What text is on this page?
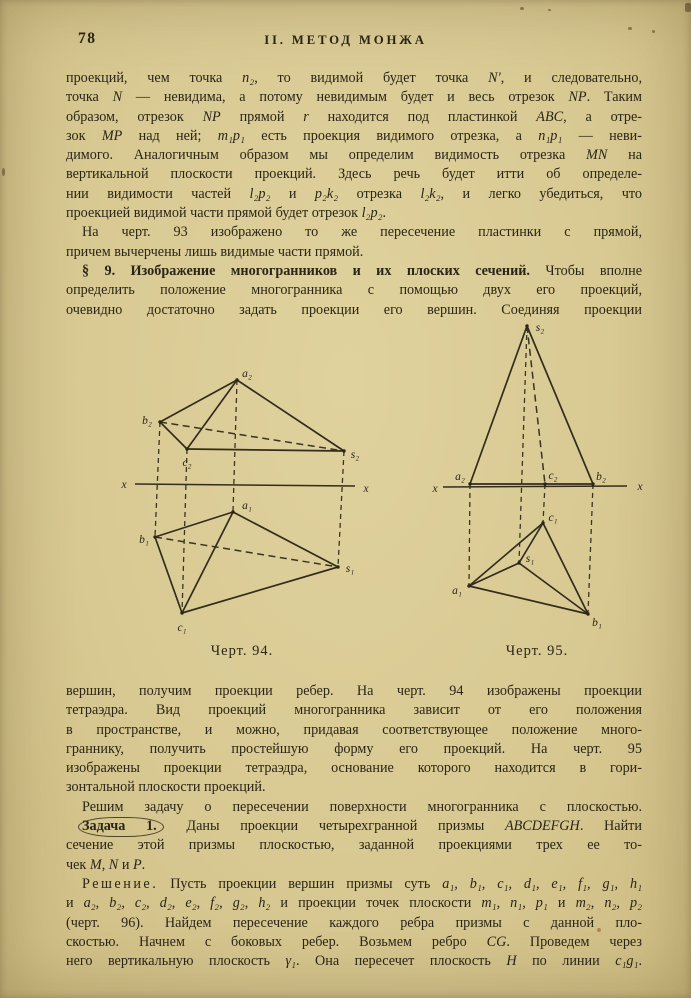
78	II. МЕТОД МОНЖА
проекций, чем точка n₂, то видимой будет точка N′, и следовательно,
точка N — невидима, а потому невидимым будет и весь отрезок NP. Таким
образом, отрезок NP прямой r находится под пластинкой ABC, а отре-
зок MP над ней; m₁p₁ есть проекция видимого отрезка, а n₁p₁ — неви-
димого. Аналогичным образом мы определим видимость отрезка MN на
вертикальной плоскости проекций. Здесь речь будет итти об определе-
нии видимости частей l₂p₂ и p₂k₂ отрезка l₂k₂, и легко убедиться, что
проекцией видимой части прямой будет отрезок l₂p₂.
На черт. 93 изображено то же пересечение пластинки с прямой,
причем вычерчены лишь видимые части прямой.
§ 9. Изображение многогранников и их плоских сечений. Чтобы вполне
определить положение многогранника с помощью двух его проекций,
очевидно достаточно задать проекции его вершин. Соединяя проекции
a₂
b₂
c₂
s₂
a₁
b₁
s₁
c₁
x	x
Черт. 94.
s₂
a₂	c₂	b₂
c₁
s₁
a₁
b₁
x	x
Черт. 95.
вершин, получим проекции ребер. На черт. 94 изображены проекции
тетраэдра. Вид проекций многогранника зависит от его положения
в пространстве, и можно, придавая соответствующее положение много-
граннику, получить простейшую форму его проекций. На черт. 95
изображены проекции тетраэдра, основание которого находится в гори-
зонтальной плоскости проекций.
Решим задачу о пересечении поверхности многогранника с плоскостью.
Задача 1. Даны проекции четырехгранной призмы ABCDEFGH. Найти
сечение этой призмы плоскостью, заданной проекциями трех ее то-
чек M, N и P.
Решение. Пусть проекции вершин призмы суть a₁, b₁, c₁, d₁, e₁, f₁, g₁, h₁
и a₂, b₂, c₂, d₂, e₂, f₂, g₂, h₂ и проекции точек плоскости m₁, n₁, p₁ и m₂, n₂, p₂
(черт. 96). Найдем пересечение каждого ребра призмы с данной пло-
скостью. Начнем с боковых ребер. Возьмем ребро CG. Проведем через
него вертикальную плоскость γ₁. Она пересечет плоскость H по линии c₁g₁.
